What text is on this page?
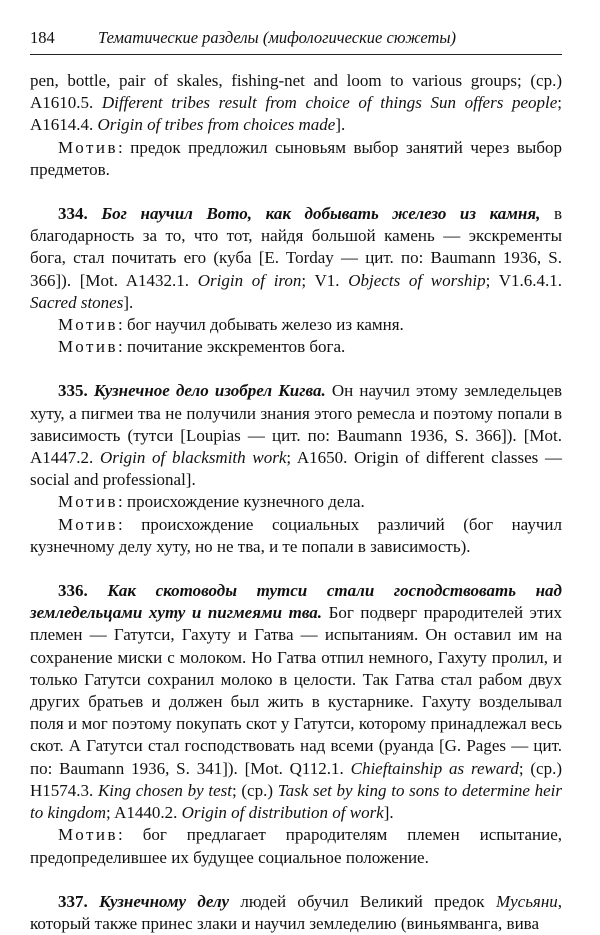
184	Тематические разделы (мифологические сюжеты)

pen, bottle, pair of skales, fishing-net and loom to various groups; (cp.) A1610.5. Different tribes result from choice of things Sun offers people; A1614.4. Origin of tribes from choices made].

Мотив: предок предложил сыновьям выбор занятий через выбор предметов.

334. Бог научил Вото, как добывать железо из камня, в благодарность за то, что тот, найдя большой камень — экскременты бога, стал почитать его (куба [E. Torday — цит. по: Baumann 1936, S. 366]). [Mot. A1432.1. Origin of iron; V1. Objects of worship; V1.6.4.1. Sacred stones].

Мотив: бог научил добывать железо из камня.

Мотив: почитание экскрементов бога.

335. Кузнечное дело изобрел Кигва. Он научил этому земледельцев хуту, а пигмеи тва не получили знания этого ремесла и поэтому попали в зависимость (тутси [Loupias — цит. по: Baumann 1936, S. 366]). [Mot. A1447.2. Origin of blacksmith work; A1650. Origin of different classes — social and professional].

Мотив: происхождение кузнечного дела.

Мотив: происхождение социальных различий (бог научил кузнечному делу хуту, но не тва, и те попали в зависимость).

336. Как скотоводы тутси стали господствовать над земледельцами хуту и пигмеями тва. Бог подверг прародителей этих племен — Гатутси, Гахуту и Гатва — испытаниям. Он оставил им на сохранение миски с молоком. Но Гатва отпил немного, Гахуту пролил, и только Гатутси сохранил молоко в целости. Так Гатва стал рабом двух других братьев и должен был жить в кустарнике. Гахуту возделывал поля и мог поэтому покупать скот у Гатутси, которому принадлежал весь скот. А Гатутси стал господствовать над всеми (руанда [G. Pages — цит. по: Baumann 1936, S. 341]). [Mot. Q112.1. Chieftainship as reward; (cp.) H1574.3. King chosen by test; (cp.) Task set by king to sons to determine heir to kingdom; A1440.2. Origin of distribution of work].

Мотив: бог предлагает прародителям племен испытание, предопределившее их будущее социальное положение.

337. Кузнечному делу людей обучил Великий предок Мусьяни, который также принес злаки и научил земледелию (виньямванга, вива
